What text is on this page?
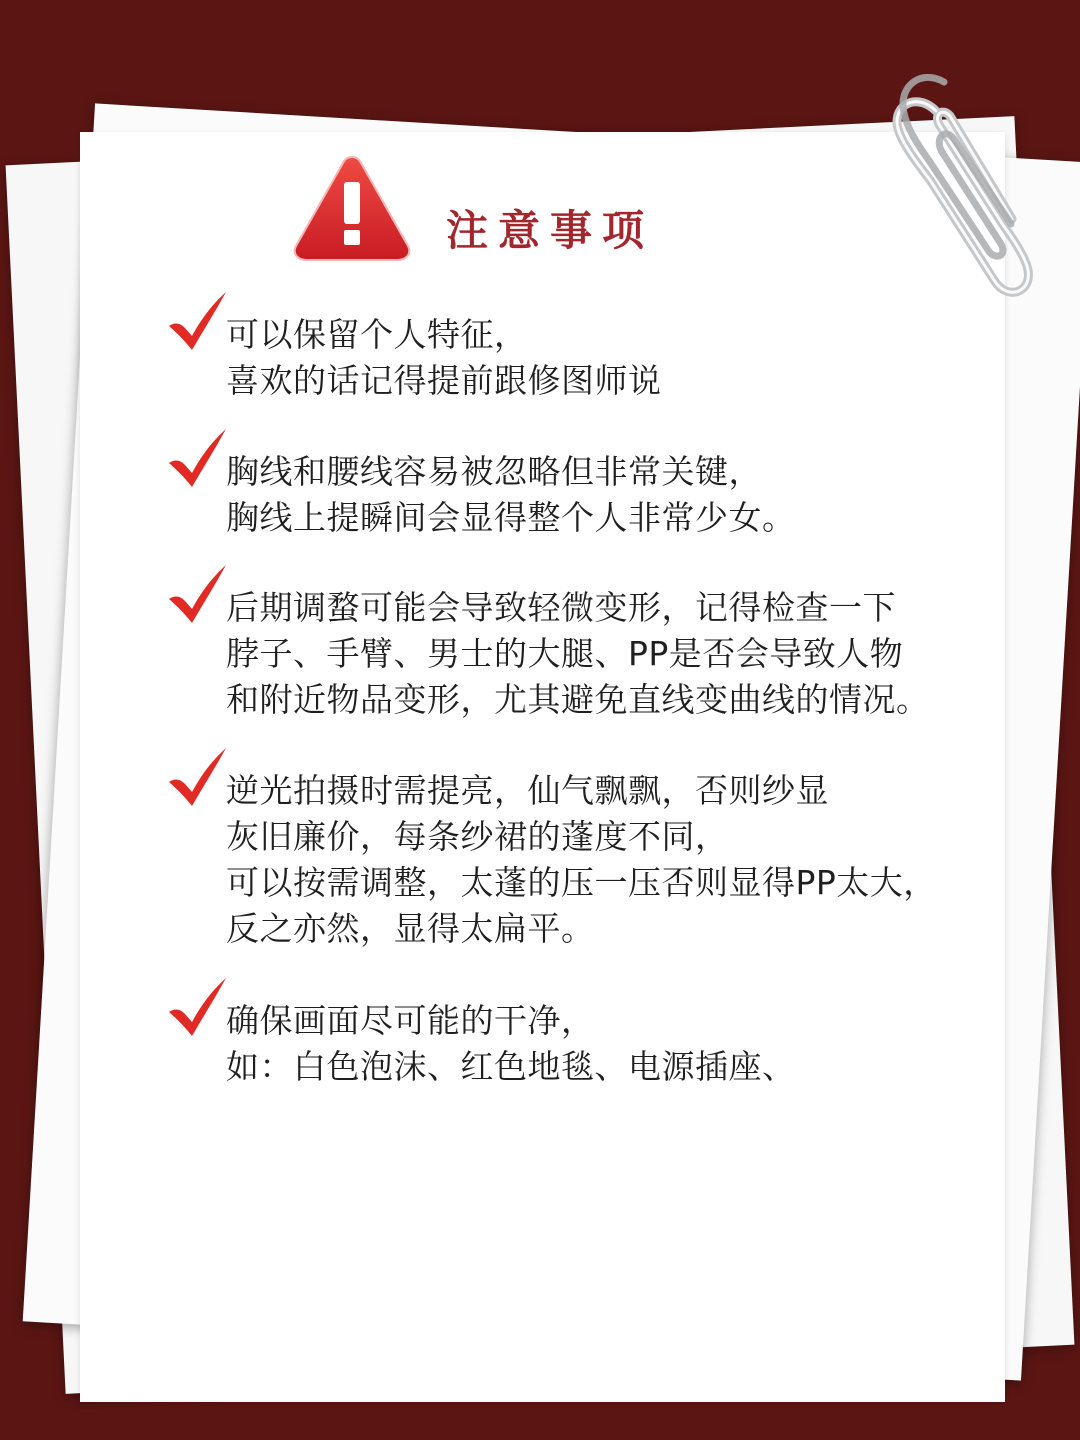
注意事项
可以保留个人特征，
喜欢的话记得提前跟修图师说
胸线和腰线容易被忽略但非常关键，
胸线上提瞬间会显得整个人非常少女。
后期调蝥可能会导致轻微变形，记得检查一下
脖子、手臂、男士的大腿、PP是否会导致人物
和附近物品变形，尤其避免直线变曲线的情况。
逆光拍摄时需提亮，仙气飘飘，否则纱显
灰旧廉价，每条纱裙的蓬度不同，
可以按需调整，太蓬的压一压否则显得PP太大，
反之亦然，显得太扁平。
确保画面尽可能的干净，
如：白色泡沫、红色地毯、电源插座、
